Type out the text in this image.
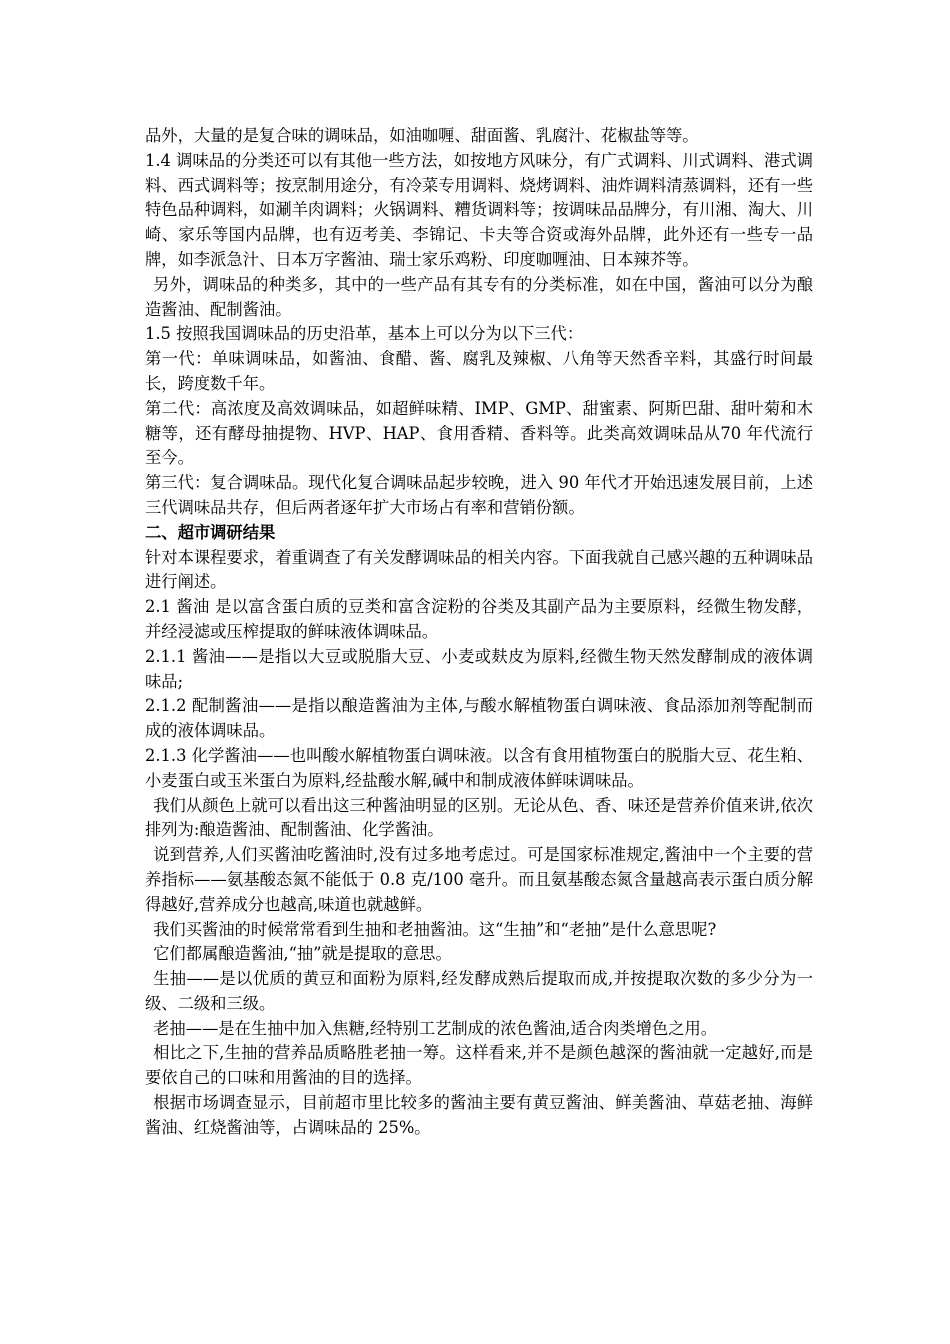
品外，大量的是复合味的调味品，如油咖喱、甜面酱、乳腐汁、花椒盐等等。

1.4 调味品的分类还可以有其他一些方法，如按地方风味分，有广式调料、川式调料、港式调料、西式调料等；按烹制用途分，有冷菜专用调料、烧烤调料、油炸调料清蒸调料，还有一些特色品种调料，如涮羊肉调料；火锅调料、糟货调料等；按调味品品牌分，有川湘、淘大、川崎、家乐等国内品牌，也有迈考美、李锦记、卡夫等合资或海外品牌，此外还有一些专一品牌，如李派急汁、日本万字酱油、瑞士家乐鸡粉、印度咖喱油、日本辣芥等。

另外，调味品的种类多，其中的一些产品有其专有的分类标准，如在中国，酱油可以分为酿造酱油、配制酱油。

1.5 按照我国调味品的历史沿革，基本上可以分为以下三代：

第一代：单味调味品，如酱油、食醋、酱、腐乳及辣椒、八角等天然香辛料，其盛行时间最长，跨度数千年。

第二代：高浓度及高效调味品，如超鲜味精、IMP、GMP、甜蜜素、阿斯巴甜、甜叶菊和木糖等，还有酵母抽提物、HVP、HAP、食用香精、香料等。此类高效调味品从70 年代流行至今。

第三代：复合调味品。现代化复合调味品起步较晚，进入 90 年代才开始迅速发展目前，上述三代调味品共存，但后两者逐年扩大市场占有率和营销份额。

二、超市调研结果

针对本课程要求，着重调查了有关发酵调味品的相关内容。下面我就自己感兴趣的五种调味品进行阐述。

2.1 酱油 是以富含蛋白质的豆类和富含淀粉的谷类及其副产品为主要原料，经微生物发酵，并经浸滤或压榨提取的鲜味液体调味品。

2.1.1 酱油——是指以大豆或脱脂大豆、小麦或麸皮为原料,经微生物天然发酵制成的液体调味品;

2.1.2 配制酱油——是指以酿造酱油为主体,与酸水解植物蛋白调味液、食品添加剂等配制而成的液体调味品。

2.1.3 化学酱油——也叫酸水解植物蛋白调味液。以含有食用植物蛋白的脱脂大豆、花生粕、小麦蛋白或玉米蛋白为原料,经盐酸水解,碱中和制成液体鲜味调味品。

我们从颜色上就可以看出这三种酱油明显的区别。无论从色、香、味还是营养价值来讲,依次排列为:酿造酱油、配制酱油、化学酱油。

说到营养,人们买酱油吃酱油时,没有过多地考虑过。可是国家标准规定,酱油中一个主要的营养指标——氨基酸态氮不能低于 0.8 克/100 毫升。而且氨基酸态氮含量越高表示蛋白质分解得越好,营养成分也越高,味道也就越鲜。

我们买酱油的时候常常看到生抽和老抽酱油。这“生抽”和“老抽”是什么意思呢?

它们都属酿造酱油,“抽”就是提取的意思。

生抽——是以优质的黄豆和面粉为原料,经发酵成熟后提取而成,并按提取次数的多少分为一级、二级和三级。

老抽——是在生抽中加入焦糖,经特别工艺制成的浓色酱油,适合肉类增色之用。

相比之下,生抽的营养品质略胜老抽一筹。这样看来,并不是颜色越深的酱油就一定越好,而是要依自己的口味和用酱油的目的选择。

根据市场调查显示，目前超市里比较多的酱油主要有黄豆酱油、鲜美酱油、草菇老抽、海鲜酱油、红烧酱油等，占调味品的 25%。
